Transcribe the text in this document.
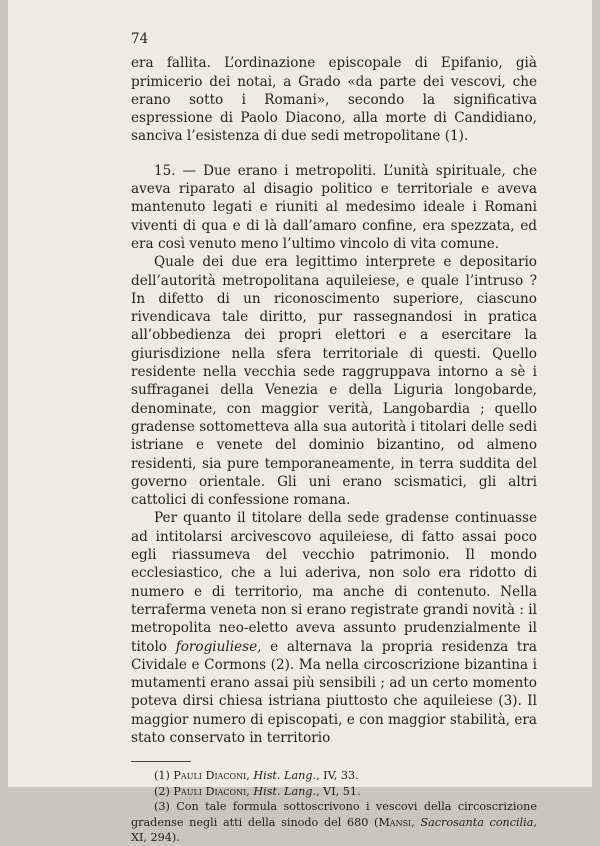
74

era fallita. L’ordinazione episcopale di Epifanio, già primicerio dei notai, a Grado «da parte dei vescovi, che erano sotto i Romani», secondo la significativa espressione di Paolo Diacono, alla morte di Candidiano, sanciva l’esistenza di due sedi metropolitane (1).

15. — Due erano i metropoliti. L’unità spirituale, che aveva riparato al disagio politico e territoriale e aveva mantenuto legati e riuniti al medesimo ideale i Romani viventi di qua e di là dall’amaro confine, era spezzata, ed era così venuto meno l’ultimo vincolo di vita comune.

Quale dei due era legittimo interprete e depositario dell’autorità metropolitana aquileiese, e quale l’intruso ? In difetto di un riconoscimento superiore, ciascuno rivendicava tale diritto, pur rassegnandosi in pratica all’obbedienza dei propri elettori e a esercitare la giurisdizione nella sfera territoriale di questi. Quello residente nella vecchia sede raggruppava intorno a sè i suffraganei della Venezia e della Liguria longobarde, denominate, con maggior verità, Langobardia ; quello gradense sottometteva alla sua autorità i titolari delle sedi istriane e venete del dominio bizantino, od almeno residenti, sia pure temporaneamente, in terra suddita del governo orientale. Gli uni erano scismatici, gli altri cattolici di confessione romana.

Per quanto il titolare della sede gradense continuasse ad intitolarsi arcivescovo aquileiese, di fatto assai poco egli riassumeva del vecchio patrimonio. Il mondo ecclesiastico, che a lui aderiva, non solo era ridotto di numero e di territorio, ma anche di contenuto. Nella terraferma veneta non si erano registrate grandi novità : il metropolita neo-eletto aveva assunto prudenzialmente il titolo forogiuliese, e alternava la propria residenza tra Cividale e Cormons (2). Ma nella circoscrizione bizantina i mutamenti erano assai più sensibili ; ad un certo momento poteva dirsi chiesa istriana piuttosto che aquileiese (3). Il maggior numero di episcopati, e con maggior stabilità, era stato conservato in territorio

(1) Pauli Diaconi, Hist. Lang., IV, 33.

(2) Pauli Diaconi, Hist. Lang., VI, 51.

(3) Con tale formula sottoscrivono i vescovi della circoscrizione gradense negli atti della sinodo del 680 (Mansi, Sacrosanta concilia, XI, 294).
